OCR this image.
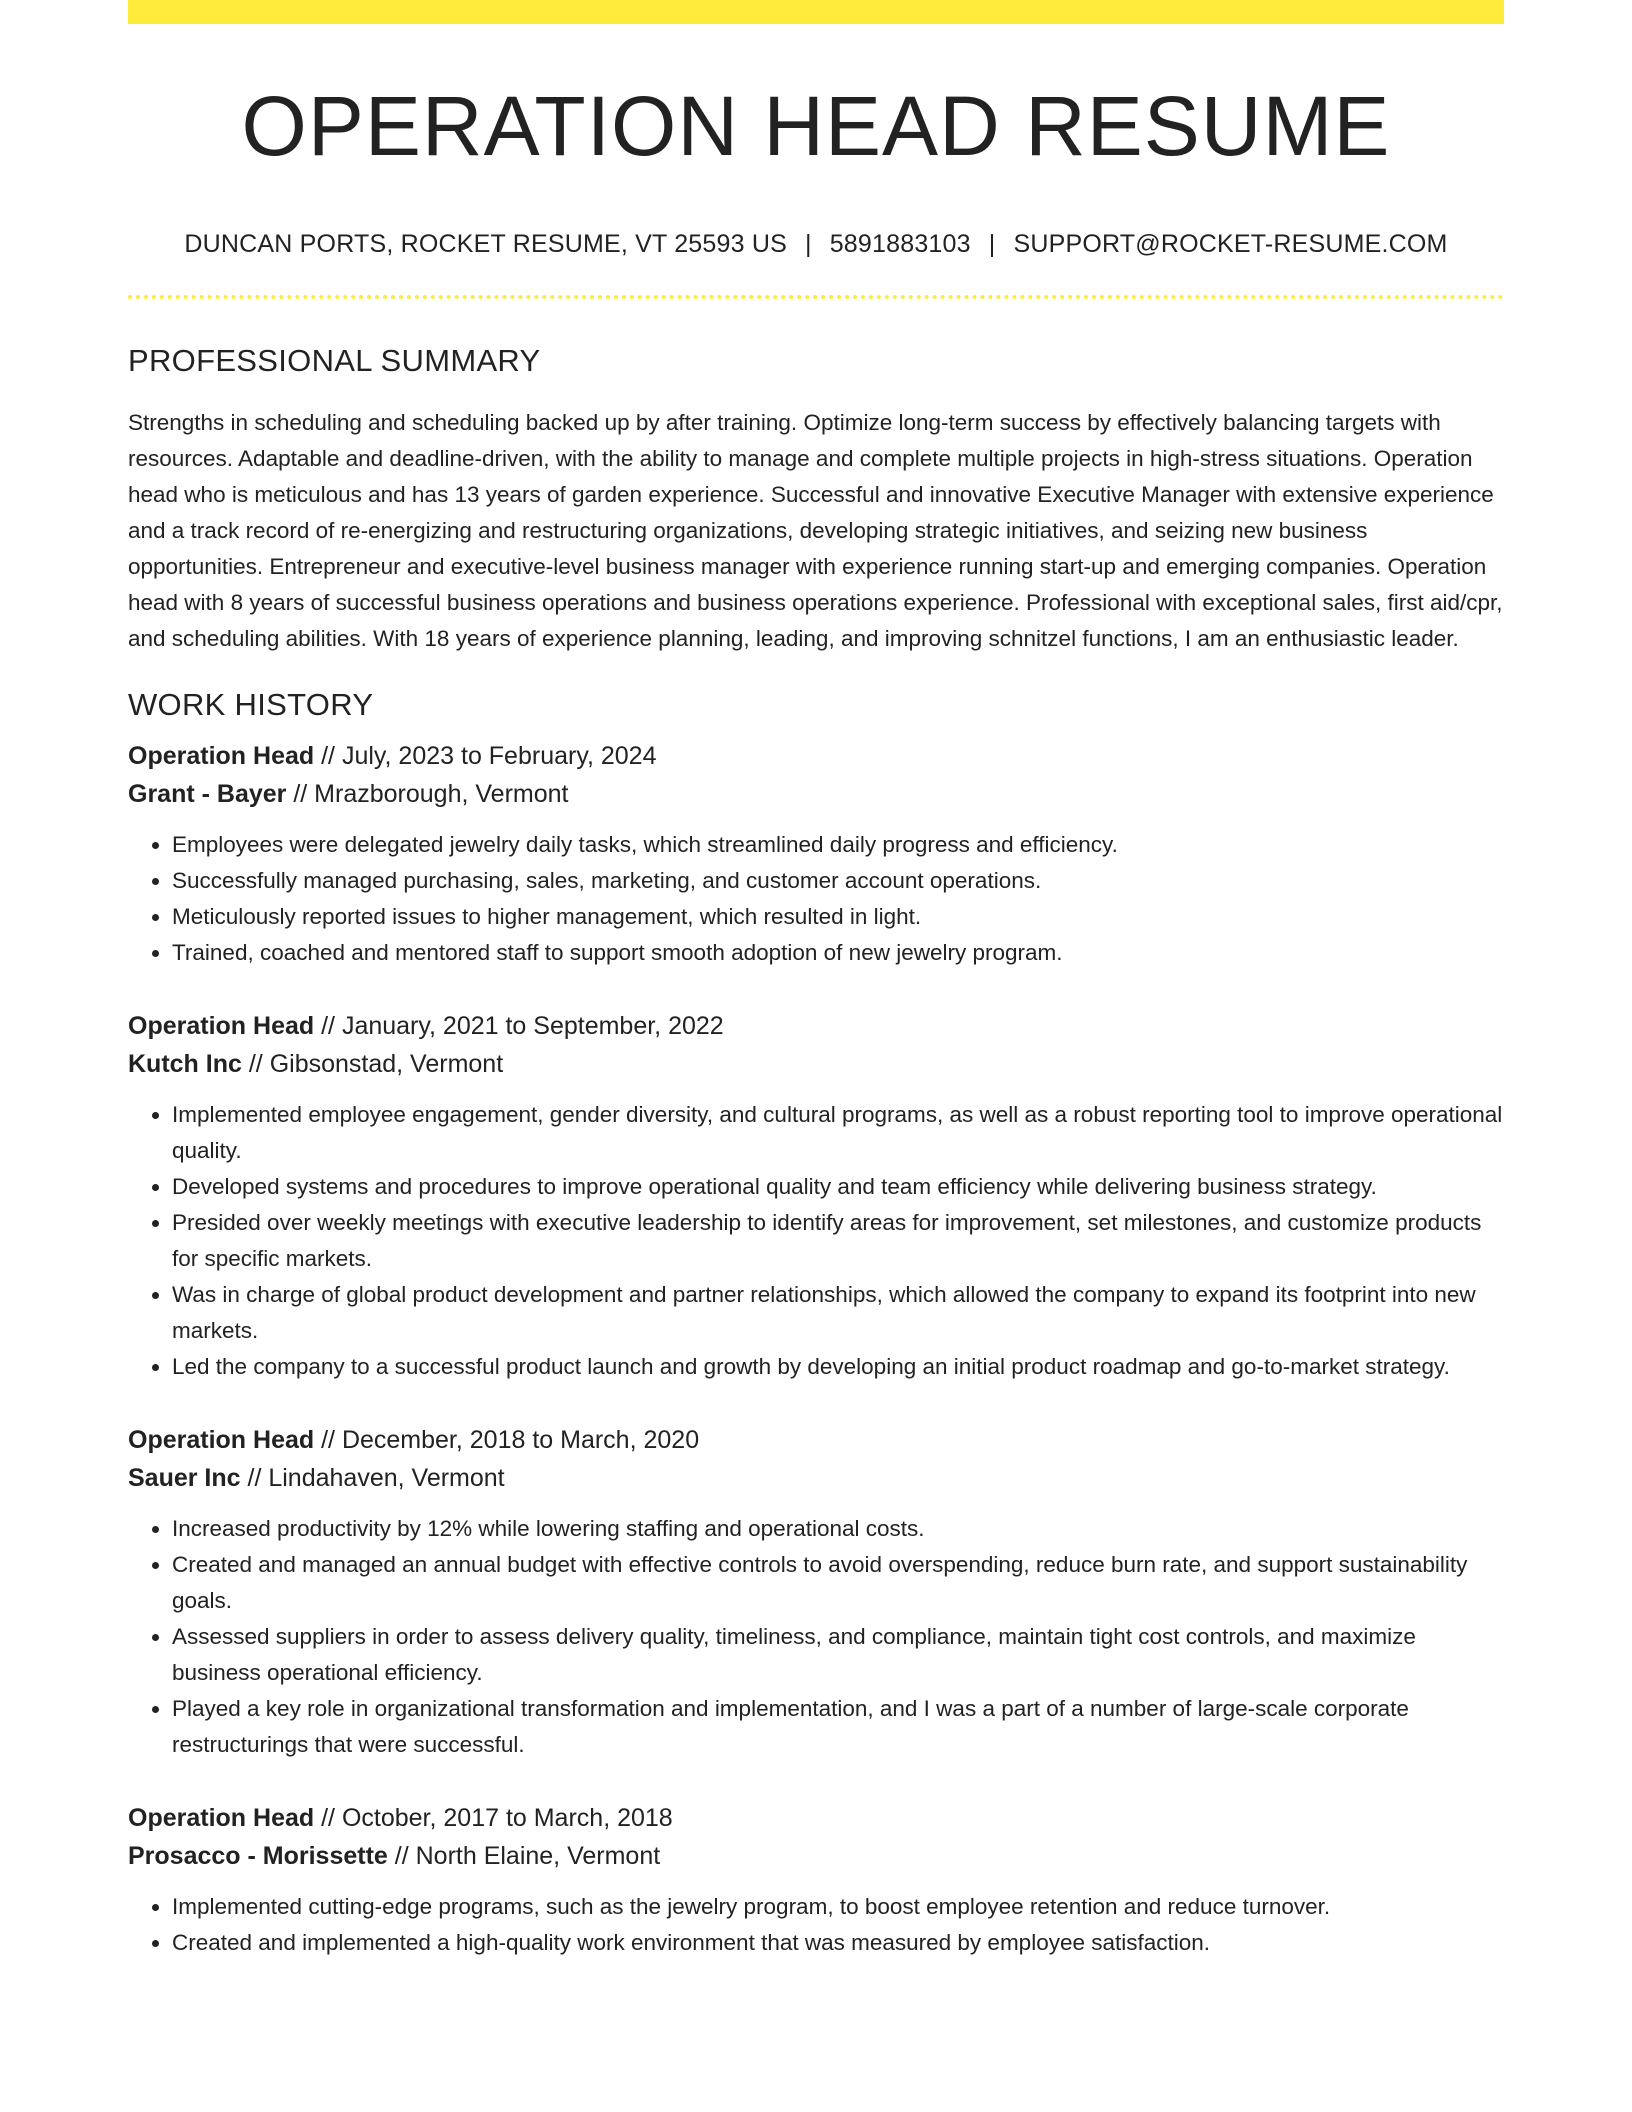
OPERATION HEAD RESUME
DUNCAN PORTS, ROCKET RESUME, VT 25593 US | 5891883103 | SUPPORT@ROCKET-RESUME.COM
PROFESSIONAL SUMMARY

Strengths in scheduling and scheduling backed up by after training. Optimize long-term success by effectively balancing targets with resources. Adaptable and deadline-driven, with the ability to manage and complete multiple projects in high-stress situations. Operation head who is meticulous and has 13 years of garden experience. Successful and innovative Executive Manager with extensive experience and a track record of re-energizing and restructuring organizations, developing strategic initiatives, and seizing new business opportunities. Entrepreneur and executive-level business manager with experience running start-up and emerging companies. Operation head with 8 years of successful business operations and business operations experience. Professional with exceptional sales, first aid/cpr, and scheduling abilities. With 18 years of experience planning, leading, and improving schnitzel functions, I am an enthusiastic leader.

WORK HISTORY
Operation Head // July, 2023 to February, 2024
Grant - Bayer // Mrazborough, Vermont
• Employees were delegated jewelry daily tasks, which streamlined daily progress and efficiency.
• Successfully managed purchasing, sales, marketing, and customer account operations.
• Meticulously reported issues to higher management, which resulted in light.
• Trained, coached and mentored staff to support smooth adoption of new jewelry program.
Operation Head // January, 2021 to September, 2022
Kutch Inc // Gibsonstad, Vermont
• Implemented employee engagement, gender diversity, and cultural programs, as well as a robust reporting tool to improve operational quality.
• Developed systems and procedures to improve operational quality and team efficiency while delivering business strategy.
• Presided over weekly meetings with executive leadership to identify areas for improvement, set milestones, and customize products for specific markets.
• Was in charge of global product development and partner relationships, which allowed the company to expand its footprint into new markets.
• Led the company to a successful product launch and growth by developing an initial product roadmap and go-to-market strategy.
Operation Head // December, 2018 to March, 2020
Sauer Inc // Lindahaven, Vermont
• Increased productivity by 12% while lowering staffing and operational costs.
• Created and managed an annual budget with effective controls to avoid overspending, reduce burn rate, and support sustainability goals.
• Assessed suppliers in order to assess delivery quality, timeliness, and compliance, maintain tight cost controls, and maximize business operational efficiency.
• Played a key role in organizational transformation and implementation, and I was a part of a number of large-scale corporate restructurings that were successful.
Operation Head // October, 2017 to March, 2018
Prosacco - Morissette // North Elaine, Vermont
• Implemented cutting-edge programs, such as the jewelry program, to boost employee retention and reduce turnover.
• Created and implemented a high-quality work environment that was measured by employee satisfaction.
